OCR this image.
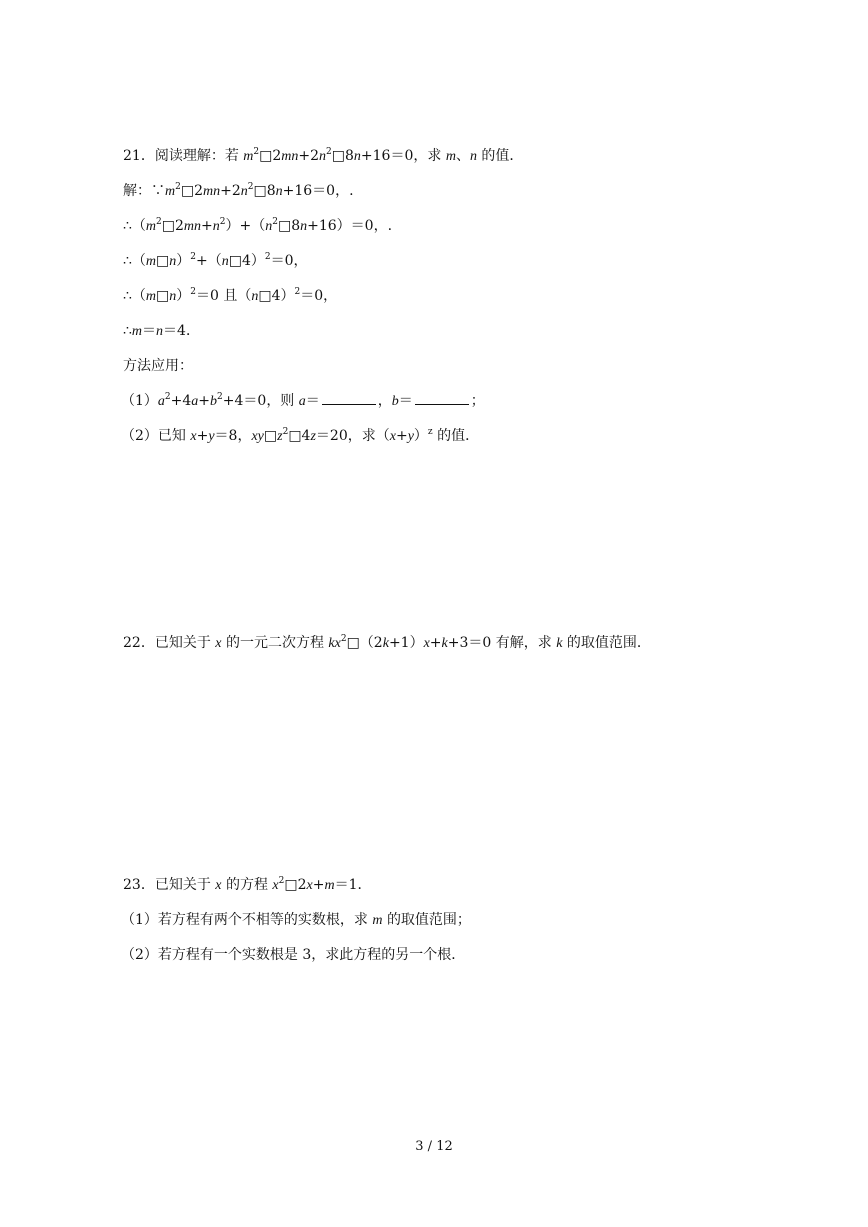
21．阅读理解：若 $m^2□2mn+2n^2□8n+16=0$，求 m、n 的值．
解：$\because m^2□2mn+2n^2□8n+16=0$，.
$\therefore(m^2□2mn+n^2)+(n^2□8n+16)=0$，.
∴（m□n）$^2$+（n□4）$^2$＝0，
∴（m□n）$^2$＝0 且（n□4）$^2$＝0，
∴m＝n＝4．
方法应用：
$(1)a^2+4a+b^2+4=0$，则 a＝	，b＝	；
（2）已知 x+y＝8，$xy□z^2□4z=20$，求$(x+y)^z$ 的值．
22．已知关于 x 的一元二次方程 $kx^2□(2k+1)x+k+3=0$ 有解，求 k 的取值范围．
23．已知关于 x 的方程 $x^2□2x+m=1$．
（1）若方程有两个不相等的实数根，求 m 的取值范围；
（2）若方程有一个实数根是 3，求此方程的另一个根．
3 / 12
